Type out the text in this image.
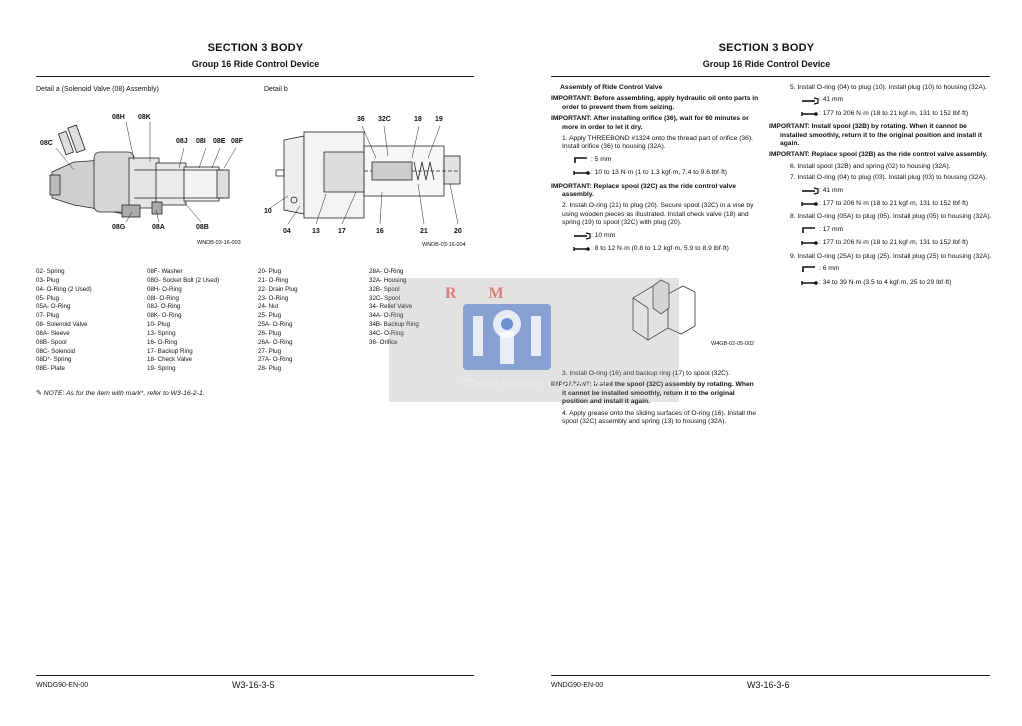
SECTION 3 BODY
Group 16 Ride Control Device
Detail a (Solenoid Valve (08) Assembly)	Detail b
08H 08K
08C	08J 08I 08E 08F
08G	08A	08B
WNDB-03-16-003
36 32C	18 19
10
04	13	17	16	21	20
WNDB-03-16-004
02- Spring
03- Plug
04- O-Ring (2 Used)
05- Plug
05A- O-Ring
07- Plug
08- Solenoid Valve
08A- Sleeve
08B- Spool
08C- Solenoid
08D*- Spring
08E- Plate
08F- Washer
08G- Socket Bolt (2 Used)
08H- O-Ring
08I- O-Ring
08J- O-Ring
08K- O-Ring
10- Plug
13- Spring
16- O-Ring
17- Backup Ring
18- Check Valve
19- Spring
20- Plug
21- O-Ring
22- Drain Plug
23- O-Ring
24- Nut
25- Plug
25A- O-Ring
26- Plug
26A- O-Ring
27- Plug
27A- O-Ring
28- Plug
28A- O-Ring
32A- Housing
32B- Spool
32C- Spool
34- Relief Valve
34A- O-Ring
34B- Backup Ring
34C- O-Ring
36- Orifice
✎ NOTE: As for the item with mark*, refer to W3-16-2-1.
WNDG90-EN-00	W3-16-3-5
SECTION 3 BODY
Group 16 Ride Control Device

Assembly of Ride Control Valve

IMPORTANT: Before assembling, apply hydraulic oil onto parts in order to prevent them from seizing.

IMPORTANT: After installing orifice (36), wait for 60 minutes or more in order to let it dry.

1. Apply THREEBOND #1324 onto the thread part of orifice (36). Install orifice (36) to housing (32A).

: 5 mm
: 10 to 13 N·m (1 to 1.3 kgf·m, 7.4 to 9.6 lbf·ft)

IMPORTANT: Replace spool (32C) as the ride control valve assembly.

2. Install O-ring (21) to plug (20). Secure spool (32C) in a vise by using wooden pieces as illustrated. Install check valve (18) and spring (19) to spool (32C) with plug (20).

: 10 mm
: 8 to 12 N·m (0.8 to 1.2 kgf·m, 5.9 to 8.9 lbf·ft)
W4GB-02-05-002

3. Install O-ring (16) and backup ring (17) to spool (32C).

IMPORTANT: Install the spool (32C) assembly by rotating. When it cannot be installed smoothly, return it to the original position and install it again.

4. Apply grease onto the sliding surfaces of O-ring (16). Install the spool (32C) assembly and spring (13) to housing (32A).

5. Install O-ring (04) to plug (10). Install plug (10) to housing (32A).

: 41 mm
: 177 to 206 N·m (18 to 21 kgf·m, 131 to 152 lbf·ft)

IMPORTANT: Install spool (32B) by rotating. When it cannot be installed smoothly, return it to the original position and install it again.

IMPORTANT: Replace spool (32B) as the ride control valve assembly.

6. Install spool (32B) and spring (02) to housing (32A).

7. Install O-ring (04) to plug (03). Install plug (03) to housing (32A).

: 41 mm
: 177 to 206 N·m (18 to 21 kgf·m, 131 to 152 lbf·ft)

8. Install O-ring (05A) to plug (05). Install plug (05) to housing (32A).

: 17 mm
: 177 to 206 N·m (18 to 21 kgf·m, 131 to 152 lbf·ft)

9. Install O-ring (25A) to plug (25). Install plug (25) to housing (32A).

: 6 mm
: 34 to 39 N·m (3.5 to 4 kgf·m, 25 to 29 lbf·ft)
WNDG90-EN-00	W3-16-3-6
R M
Cheap Reliable Guaranteed
